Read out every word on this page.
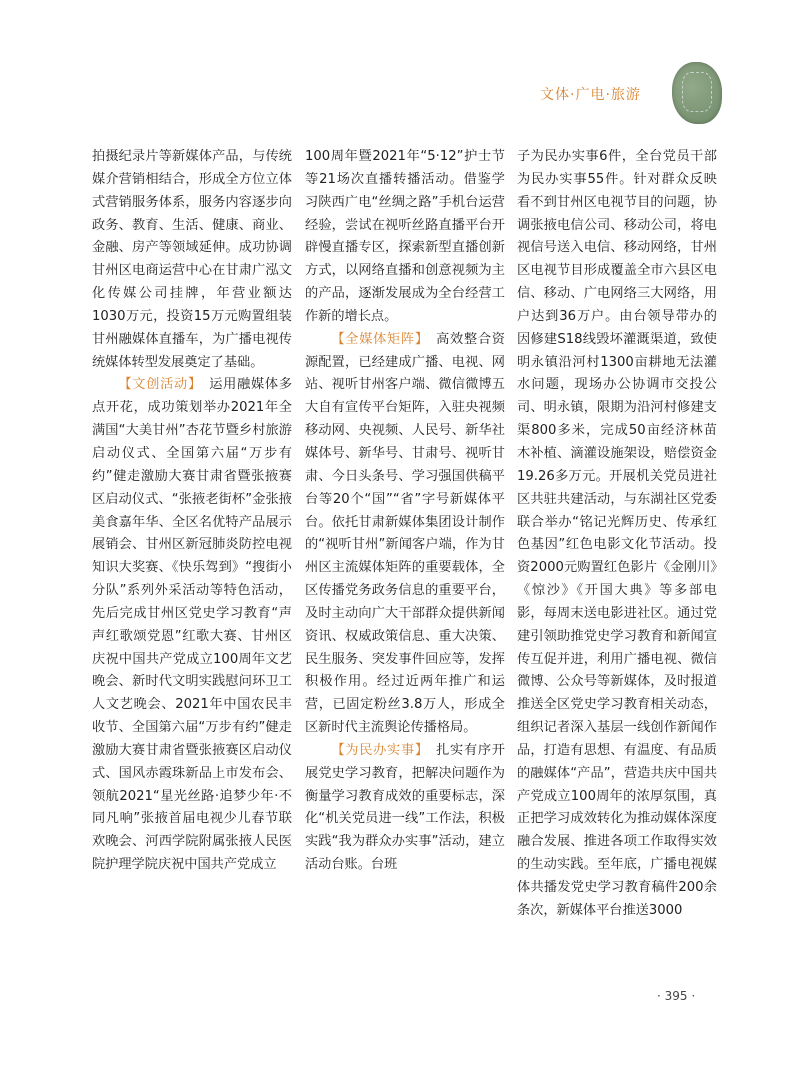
文体·广电·旅游

拍摄纪录片等新媒体产品，与传统媒介营销相结合，形成全方位立体式营销服务体系，服务内容逐步向政务、教育、生活、健康、商业、金融、房产等领域延伸。成功协调甘州区电商运营中心在甘肃广泓文化传媒公司挂牌，年营业额达1030万元，投资15万元购置组装甘州融媒体直播车，为广播电视传统媒体转型发展奠定了基础。

【文创活动】　 运用融媒体多点开花，成功策划举办2021年全满国“大美甘州”杏花节暨乡村旅游启动仪式、全国第六届“万步有约”健走激励大赛甘肃省暨张掖赛区启动仪式、“张掖老街杯”金张掖美食嘉年华、全区名优特产品展示展销会、甘州区新冠肺炎防控电视知识大奖赛、《快乐驾到》“搜街小分队”系列外采活动等特色活动，先后完成甘州区党史学习教育“声声红歌颂党恩”红歌大赛、甘州区庆祝中国共产党成立100周年文艺晚会、新时代文明实践慰问环卫工人文艺晚会、2021年中国农民丰收节、全国第六届“万步有约”健走激励大赛甘肃省暨张掖赛区启动仪式、国风赤霞珠新品上市发布会、领航2021“星光丝路·追梦少年·不同凡响”张掖首届电视少儿春节联欢晚会、河西学院附属张掖人民医院护理学院庆祝中国共产党成立

100周年暨2021年“5·12”护士节等21场次直播转播活动。借鉴学习陕西广电“丝绸之路”手机台运营经验，尝试在视听丝路直播平台开辟慢直播专区，探索新型直播创新方式，以网络直播和创意视频为主的产品，逐渐发展成为全台经营工作新的增长点。

【全媒体矩阵】　 高效整合资源配置，已经建成广播、电视、网站、视听甘州客户端、微信微博五大自有宣传平台矩阵，入驻央视频移动网、央视频、人民号、新华社媒体号、新华号、甘肃号、视听甘肃、今日头条号、学习强国供稿平台等20个“国”“省”字号新媒体平台。依托甘肃新媒体集团设计制作的“视听甘州”新闻客户端，作为甘州区主流媒体矩阵的重要载体，全区传播党务政务信息的重要平台，及时主动向广大干部群众提供新闻资讯、权威政策信息、重大决策、民生服务、突发事件回应等，发挥积极作用。经过近两年推广和运营，已固定粉丝3.8万人，形成全区新时代主流舆论传播格局。

【为民办实事】　 扎实有序开展党史学习教育，把解决问题作为衡量学习教育成效的重要标志，深化“机关党员进一线”工作法，积极实践“我为群众办实事”活动，建立活动台账。台班

子为民办实事6件，全台党员干部为民办实事55件。针对群众反映看不到甘州区电视节目的问题，协调张掖电信公司、移动公司，将电视信号送入电信、移动网络，甘州区电视节目形成覆盖全市六县区电信、移动、广电网络三大网络，用户达到36万户。由台领导带办的因修建S18线毁坏灌溉渠道，致使明永镇沿河村1300亩耕地无法灌水问题，现场办公协调市交投公司、明永镇，限期为沿河村修建支渠800多米，完成50亩经济林苗木补植、滴灌设施架设，赔偿资金19.26多万元。开展机关党员进社区共驻共建活动，与东湖社区党委联合举办“铭记光辉历史、传承红色基因”红色电影文化节活动。投资2000元购置红色影片《金刚川》《惊沙》《开国大典》等多部电影，每周末送电影进社区。通过党建引领助推党史学习教育和新闻宣传互促并进，利用广播电视、微信微博、公众号等新媒体，及时报道推送全区党史学习教育相关动态，组织记者深入基层一线创作新闻作品，打造有思想、有温度、有品质的融媒体“产品”，营造共庆中国共产党成立100周年的浓厚氛围，真正把学习成效转化为推动媒体深度融合发展、推进各项工作取得实效的生动实践。至年底，广播电视媒体共播发党史学习教育稿件200余条次，新媒体平台推送3000

· 395 ·
